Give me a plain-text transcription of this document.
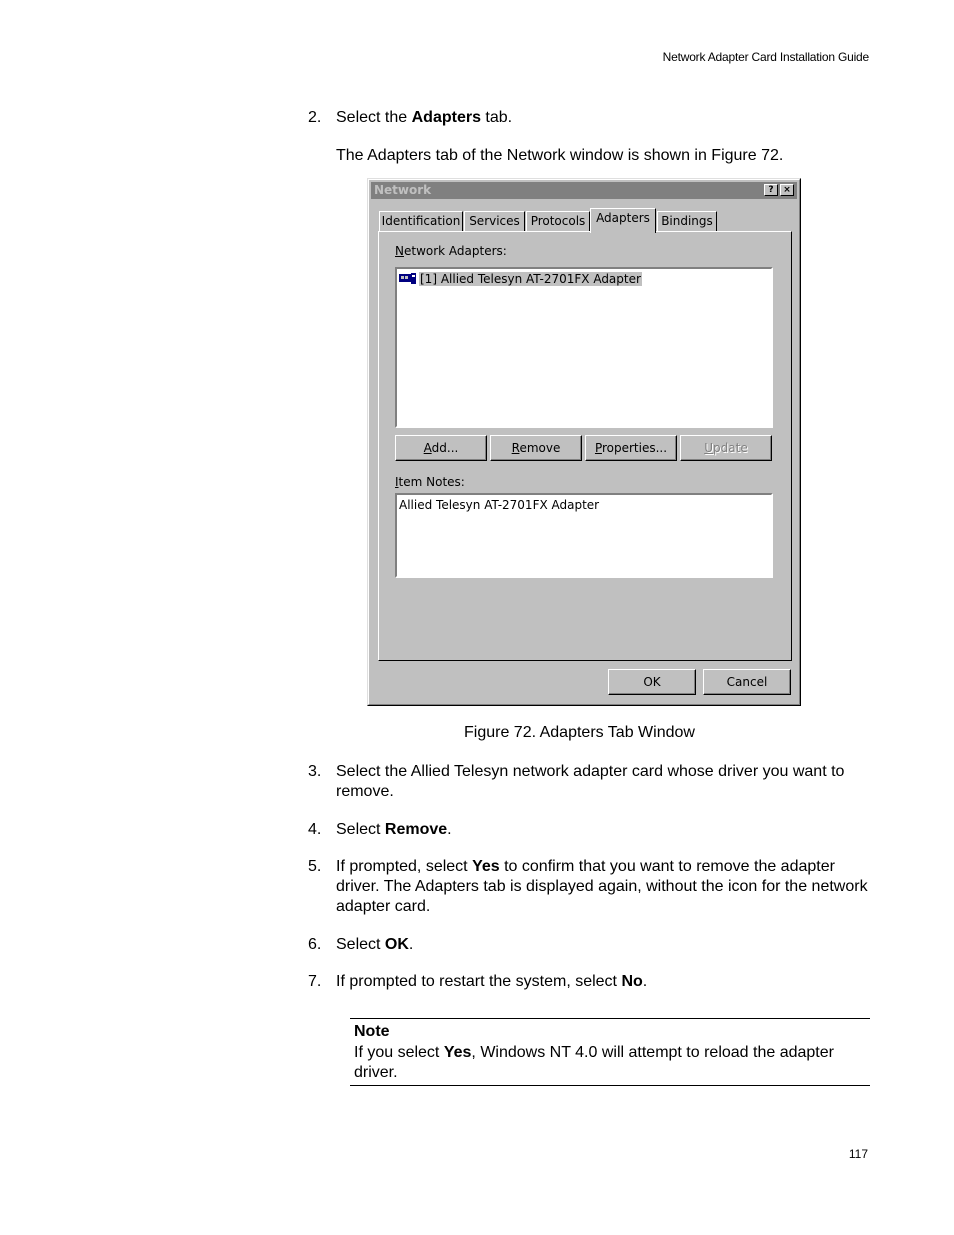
Network Adapter Card Installation Guide
2. Select the Adapters tab.
The Adapters tab of the Network window is shown in Figure 72.
Network	?	×
Identification Services Protocols Adapters Bindings
Network Adapters:
[1] Allied Telesyn AT-2701FX Adapter
Add...	Remove	Properties...	Update
Item Notes:
Allied Telesyn AT-2701FX Adapter
OK	Cancel
Figure 72. Adapters Tab Window
3. Select the Allied Telesyn network adapter card whose driver you want to remove.
4. Select Remove.
5. If prompted, select Yes to confirm that you want to remove the adapter driver. The Adapters tab is displayed again, without the icon for the network adapter card.
6. Select OK.
7. If prompted to restart the system, select No.
Note
If you select Yes, Windows NT 4.0 will attempt to reload the adapter driver.
117
